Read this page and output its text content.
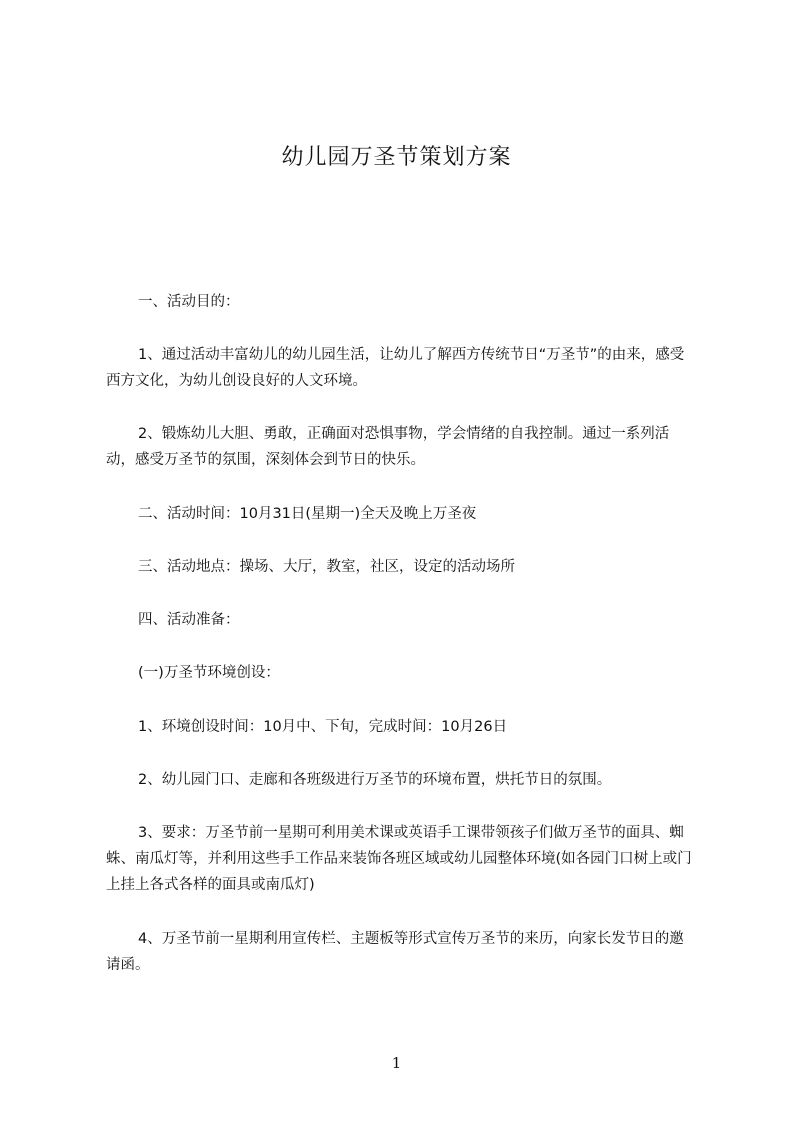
幼儿园万圣节策划方案
一、活动目的：
1、通过活动丰富幼儿的幼儿园生活，让幼儿了解西方传统节日“万圣节”的由来，感受西方文化，为幼儿创设良好的人文环境。
2、锻炼幼儿大胆、勇敢，正确面对恐惧事物，学会情绪的自我控制。通过一系列活动，感受万圣节的氛围，深刻体会到节日的快乐。
二、活动时间：10月31日(星期一)全天及晚上万圣夜
三、活动地点：操场、大厅，教室，社区，设定的活动场所
四、活动准备：
(一)万圣节环境创设：
1、环境创设时间：10月中、下旬，完成时间：10月26日
2、幼儿园门口、走廊和各班级进行万圣节的环境布置，烘托节日的氛围。
3、要求：万圣节前一星期可利用美术课或英语手工课带领孩子们做万圣节的面具、蜘蛛、南瓜灯等，并利用这些手工作品来装饰各班区域或幼儿园整体环境(如各园门口树上或门上挂上各式各样的面具或南瓜灯)
4、万圣节前一星期利用宣传栏、主题板等形式宣传万圣节的来历，向家长发节日的邀请函。
1
